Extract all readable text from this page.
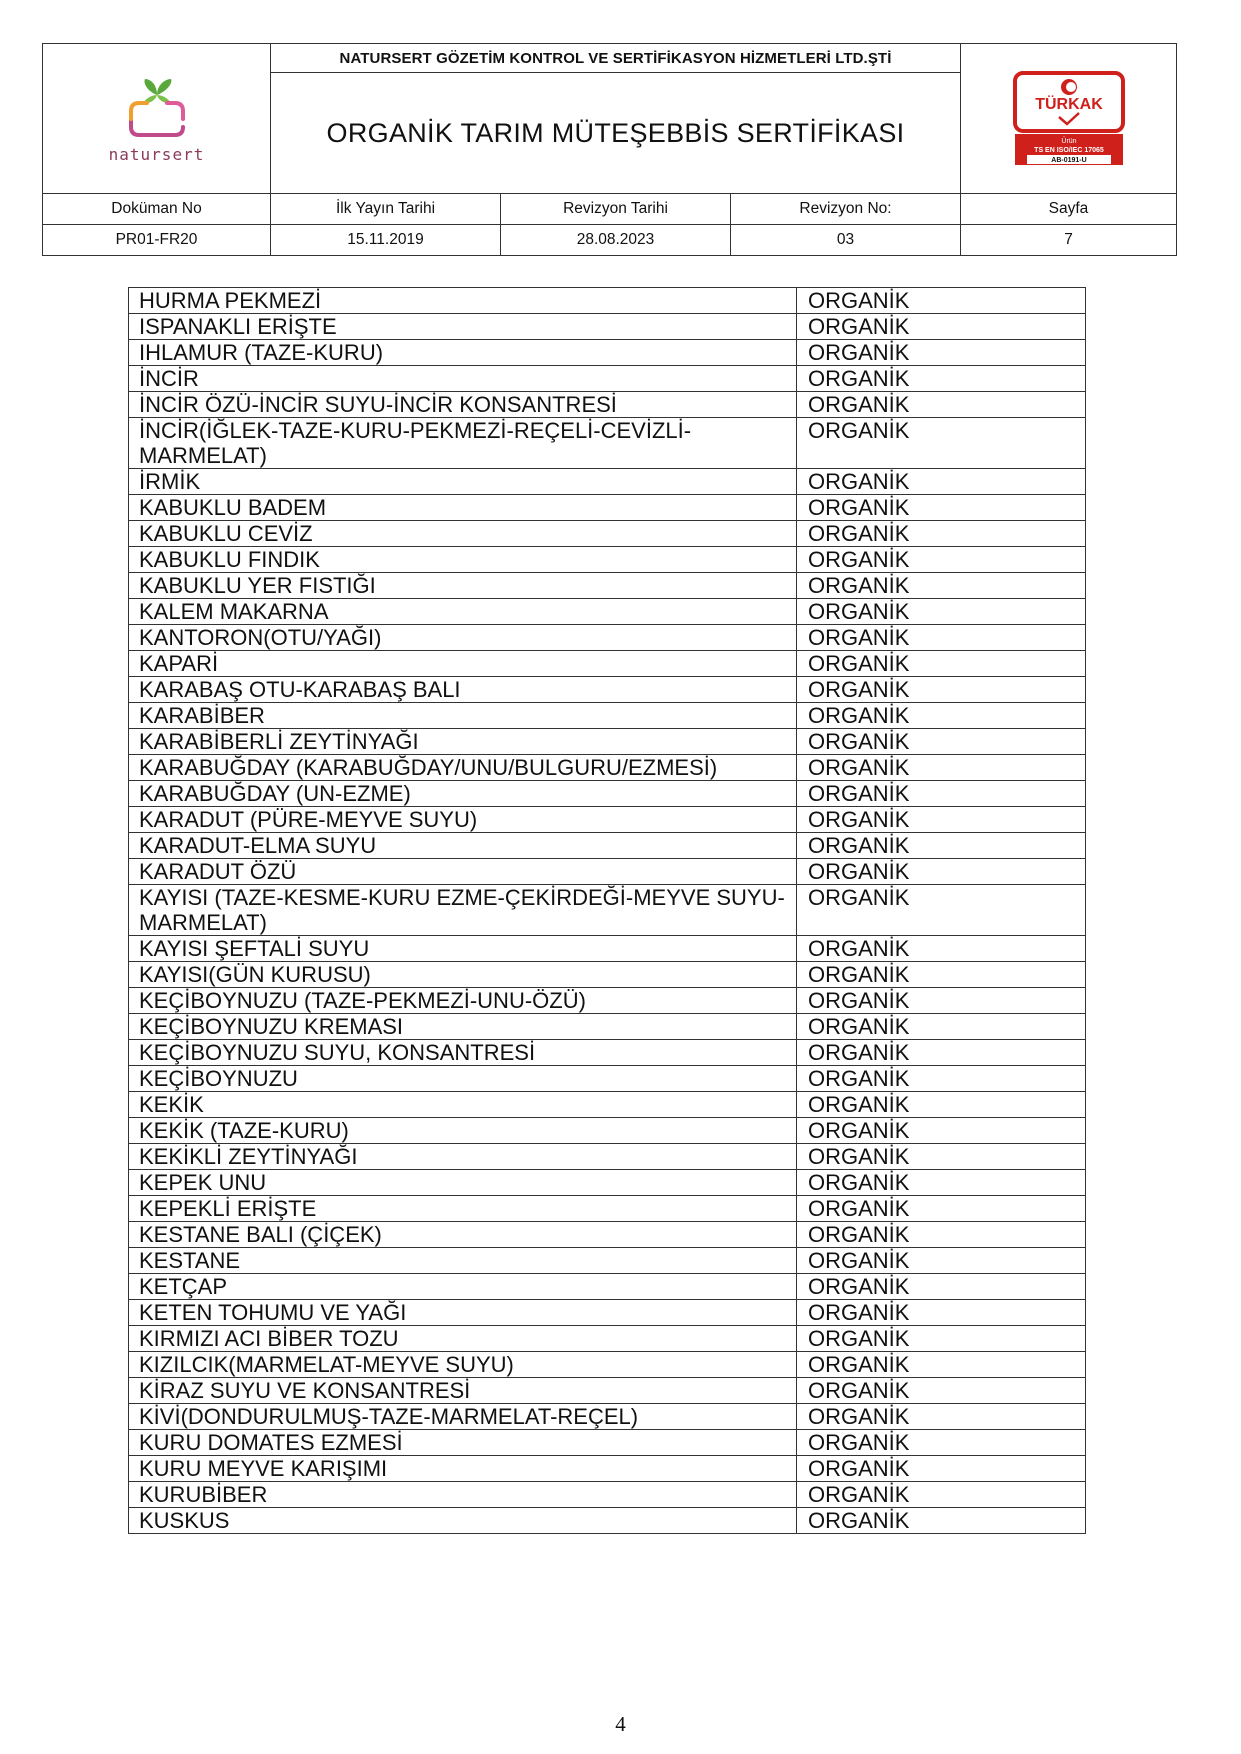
natursert	NATURSERT GÖZETİM KONTROL VE SERTİFİKASYON HİZMETLERİ LTD.ŞTİ			TÜRKAK
Ürün
TS EN ISO/IEC 17065
AB-0191-U

	ORGANİK TARIM MÜTEŞEBBİS SERTİFİKASI			
Doküman No	İlk Yayın Tarihi	Revizyon Tarihi	Revizyon No:	Sayfa
PR01-FR20	15.11.2019	28.08.2023	03	7
HURMA PEKMEZİ	ORGANİK
ISPANAKLI ERİŞTE	ORGANİK
IHLAMUR (TAZE-KURU)	ORGANİK
İNCİR	ORGANİK
İNCİR ÖZÜ-İNCİR SUYU-İNCİR KONSANTRESİ	ORGANİK
İNCİR(İĞLEK-TAZE-KURU-PEKMEZİ-REÇELİ-CEVİZLİ-MARMELAT)	ORGANİK
İRMİK	ORGANİK
KABUKLU BADEM	ORGANİK
KABUKLU CEVİZ	ORGANİK
KABUKLU FINDIK	ORGANİK
KABUKLU YER FISTIĞI	ORGANİK
KALEM MAKARNA	ORGANİK
KANTORON(OTU/YAĞI)	ORGANİK
KAPARİ	ORGANİK
KARABAŞ OTU-KARABAŞ BALI	ORGANİK
KARABİBER	ORGANİK
KARABİBERLİ ZEYTİNYAĞI	ORGANİK
KARABUĞDAY (KARABUĞDAY/UNU/BULGURU/EZMESİ)	ORGANİK
KARABUĞDAY (UN-EZME)	ORGANİK
KARADUT (PÜRE-MEYVE SUYU)	ORGANİK
KARADUT-ELMA SUYU	ORGANİK
KARADUT ÖZÜ	ORGANİK
KAYISI (TAZE-KESME-KURU EZME-ÇEKİRDEĞİ-MEYVE SUYU-MARMELAT)	ORGANİK
KAYISI ŞEFTALİ SUYU	ORGANİK
KAYISI(GÜN KURUSU)	ORGANİK
KEÇİBOYNUZU (TAZE-PEKMEZİ-UNU-ÖZÜ)	ORGANİK
KEÇİBOYNUZU KREMASI	ORGANİK
KEÇİBOYNUZU SUYU, KONSANTRESİ	ORGANİK
KEÇİBOYNUZU	ORGANİK
KEKİK	ORGANİK
KEKİK (TAZE-KURU)	ORGANİK
KEKİKLİ ZEYTİNYAĞI	ORGANİK
KEPEK UNU	ORGANİK
KEPEKLİ ERİŞTE	ORGANİK
KESTANE BALI (ÇİÇEK)	ORGANİK
KESTANE	ORGANİK
KETÇAP	ORGANİK
KETEN TOHUMU VE YAĞI	ORGANİK
KIRMIZI ACI BİBER TOZU	ORGANİK
KIZILCIK(MARMELAT-MEYVE SUYU)	ORGANİK
KİRAZ SUYU VE KONSANTRESİ	ORGANİK
KİVİ(DONDURULMUŞ-TAZE-MARMELAT-REÇEL)	ORGANİK
KURU DOMATES EZMESİ	ORGANİK
KURU MEYVE KARIŞIMI	ORGANİK
KURUBİBER	ORGANİK
KUSKUS	ORGANİK
4
